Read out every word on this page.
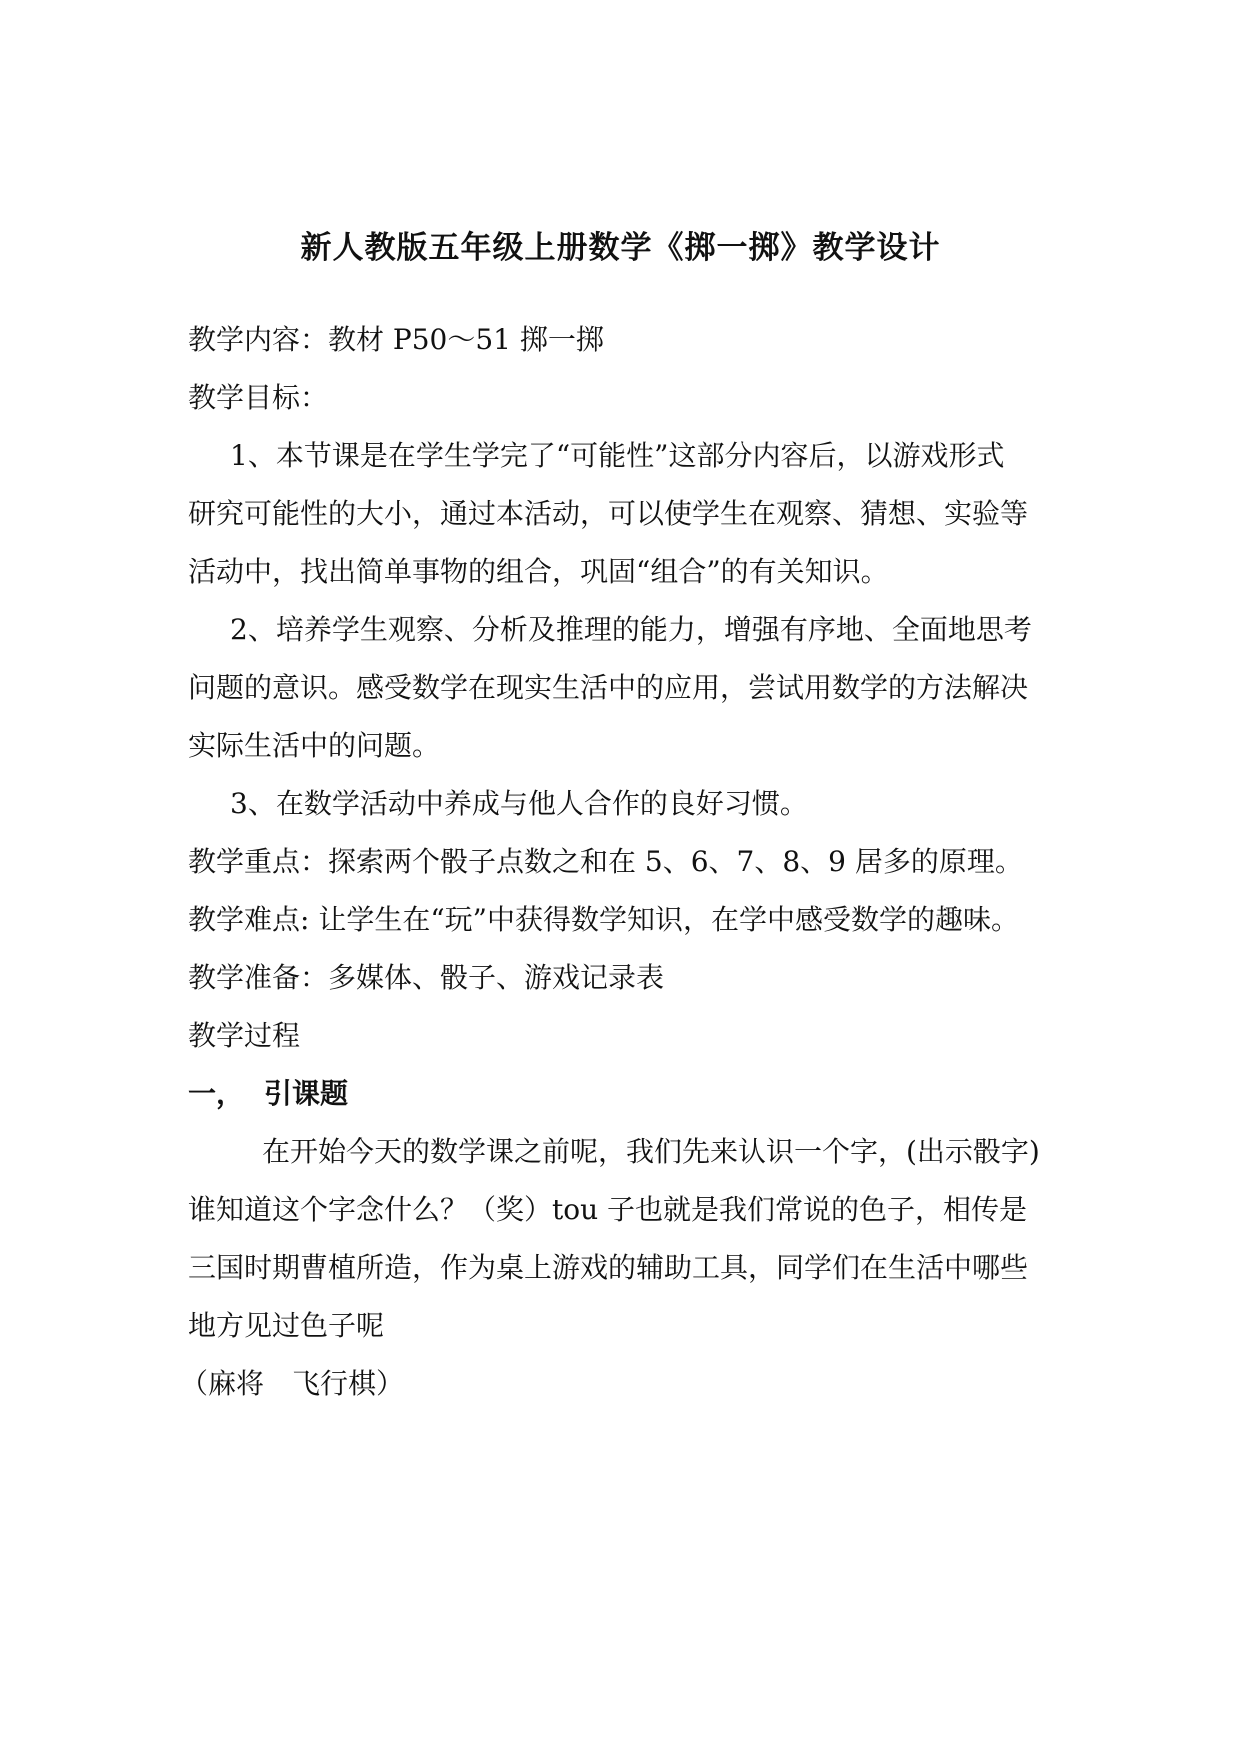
新人教版五年级上册数学《掷一掷》教学设计
教学内容：教材 P50～51 掷一掷
教学目标：
1、本节课是在学生学完了“可能性”这部分内容后，以游戏形式
研究可能性的大小，通过本活动，可以使学生在观察、猜想、实验等
活动中，找出简单事物的组合，巩固“组合”的有关知识。
2、培养学生观察、分析及推理的能力，增强有序地、全面地思考
问题的意识。感受数学在现实生活中的应用，尝试用数学的方法解决
实际生活中的问题。
3、在数学活动中养成与他人合作的良好习惯。
教学重点：探索两个骰子点数之和在 5、6、7、8、9 居多的原理。
教学难点: 让学生在“玩”中获得数学知识，在学中感受数学的趣味。
教学准备：多媒体、骰子、游戏记录表
教学过程
一， 引课题
在开始今天的数学课之前呢，我们先来认识一个字，(出示骰字)
谁知道这个字念什么？（奖）tou 子也就是我们常说的色子，相传是
三国时期曹植所造，作为桌上游戏的辅助工具，同学们在生活中哪些
地方见过色子呢
（麻将　飞行棋）
